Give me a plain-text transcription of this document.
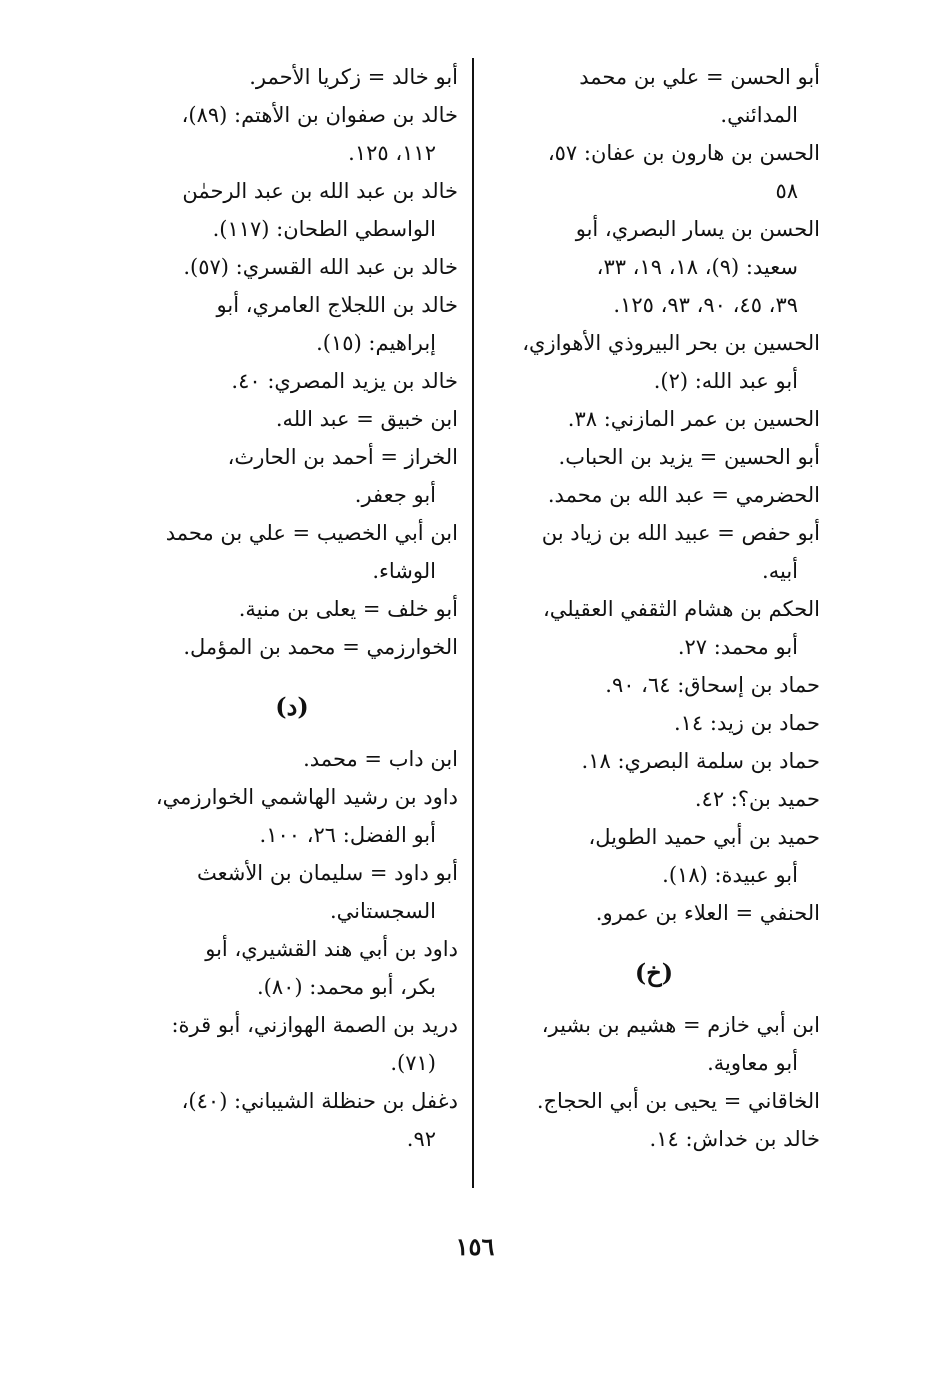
أبو الحسن = علي بن محمد
المدائني.
الحسن بن هارون بن عفان: ٥٧،
٥٨
الحسن بن يسار البصري، أبو
سعيد: (٩)، ١٨، ١٩، ٣٣،
٣٩، ٤٥، ٩٠، ٩٣، ١٢٥.
الحسين بن بحر البيروذي الأهوازي،
أبو عبد الله: (٢).
الحسين بن عمر المازني: ٣٨.
أبو الحسين = يزيد بن الحباب.
الحضرمي = عبد الله بن محمد.
أبو حفص = عبيد الله بن زياد بن
أبيه.
الحكم بن هشام الثقفي العقيلي،
أبو محمد: ٢٧.
حماد بن إسحاق: ٦٤، ٩٠.
حماد بن زيد: ١٤.
حماد بن سلمة البصري: ١٨.
حميد بن؟: ٤٢.
حميد بن أبي حميد الطويل،
أبو عبيدة: (١٨).
الحنفي = العلاء بن عمرو.
(خ)
ابن أبي خازم = هشيم بن بشير،
أبو معاوية.
الخاقاني = يحيى بن أبي الحجاج.
خالد بن خداش: ١٤.
أبو خالد = زكريا الأحمر.
خالد بن صفوان بن الأهتم: (٨٩)،
١١٢، ١٢٥.
خالد بن عبد الله بن عبد الرحمٰن
الواسطي الطحان: (١١٧).
خالد بن عبد الله القسري: (٥٧).
خالد بن اللجلاج العامري، أبو
إبراهيم: (١٥).
خالد بن يزيد المصري: ٤٠.
ابن خبيق = عبد الله.
الخراز = أحمد بن الحارث،
أبو جعفر.
ابن أبي الخصيب = علي بن محمد
الوشاء.
أبو خلف = يعلى بن منية.
الخوارزمي = محمد بن المؤمل.
(د)
ابن داب = محمد.
داود بن رشيد الهاشمي الخوارزمي،
أبو الفضل: ٢٦، ١٠٠.
أبو داود = سليمان بن الأشعث
السجستاني.
داود بن أبي هند القشيري، أبو
بكر، أبو محمد: (٨٠).
دريد بن الصمة الهوازني، أبو قرة:
(٧١).
دغفل بن حنظلة الشيباني: (٤٠)،
٩٢.
١٥٦
